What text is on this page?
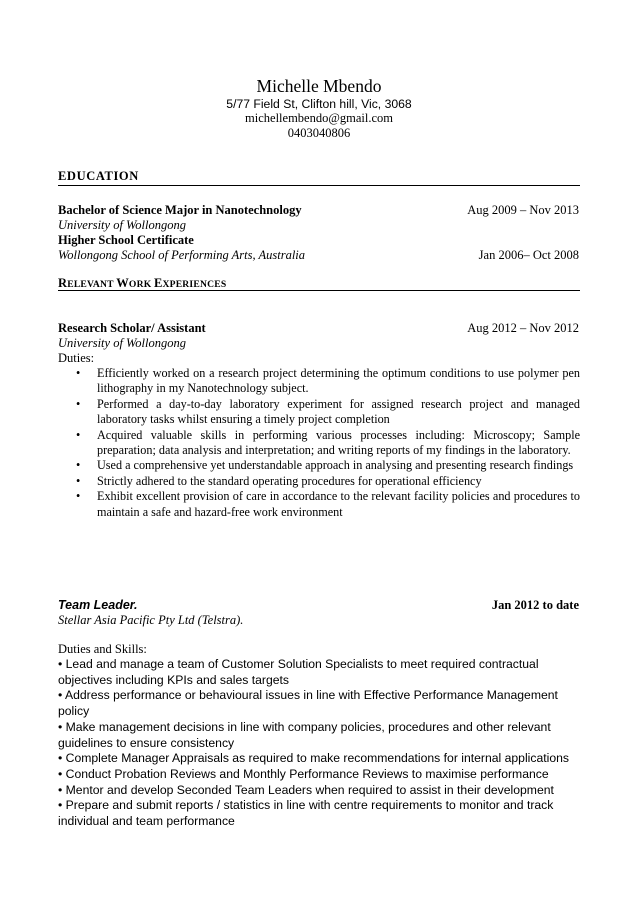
Michelle Mbendo
5/77 Field St, Clifton hill, Vic, 3068
michellembendo@gmail.com
0403040806
EDUCATION
Bachelor of Science Major in Nanotechnology	Aug 2009 – Nov 2013
University of Wollongong
Higher School Certificate
Wollongong School of Performing Arts, Australia	Jan 2006– Oct 2008
RELEVANT WORK EXPERIENCES
Research Scholar/ Assistant	Aug 2012 – Nov 2012
University of Wollongong
Duties:
• Efficiently worked on a research project determining the optimum conditions to use polymer pen lithography in my Nanotechnology subject.
• Performed a day-to-day laboratory experiment for assigned research project and managed laboratory tasks whilst ensuring a timely project completion
• Acquired valuable skills in performing various processes including: Microscopy; Sample preparation; data analysis and interpretation; and writing reports of my findings in the laboratory.
• Used a comprehensive yet understandable approach in analysing and presenting research findings
• Strictly adhered to the standard operating procedures for operational efficiency
• Exhibit excellent provision of care in accordance to the relevant facility policies and procedures to maintain a safe and hazard-free work environment
Team Leader.	Jan 2012 to date
Stellar Asia Pacific Pty Ltd (Telstra).
Duties and Skills:
• Lead and manage a team of Customer Solution Specialists to meet required contractual objectives including KPIs and sales targets
• Address performance or behavioural issues in line with Effective Performance Management policy
• Make management decisions in line with company policies, procedures and other relevant guidelines to ensure consistency
• Complete Manager Appraisals as required to make recommendations for internal applications
• Conduct Probation Reviews and Monthly Performance Reviews to maximise performance
• Mentor and develop Seconded Team Leaders when required to assist in their development
• Prepare and submit reports / statistics in line with centre requirements to monitor and track individual and team performance
